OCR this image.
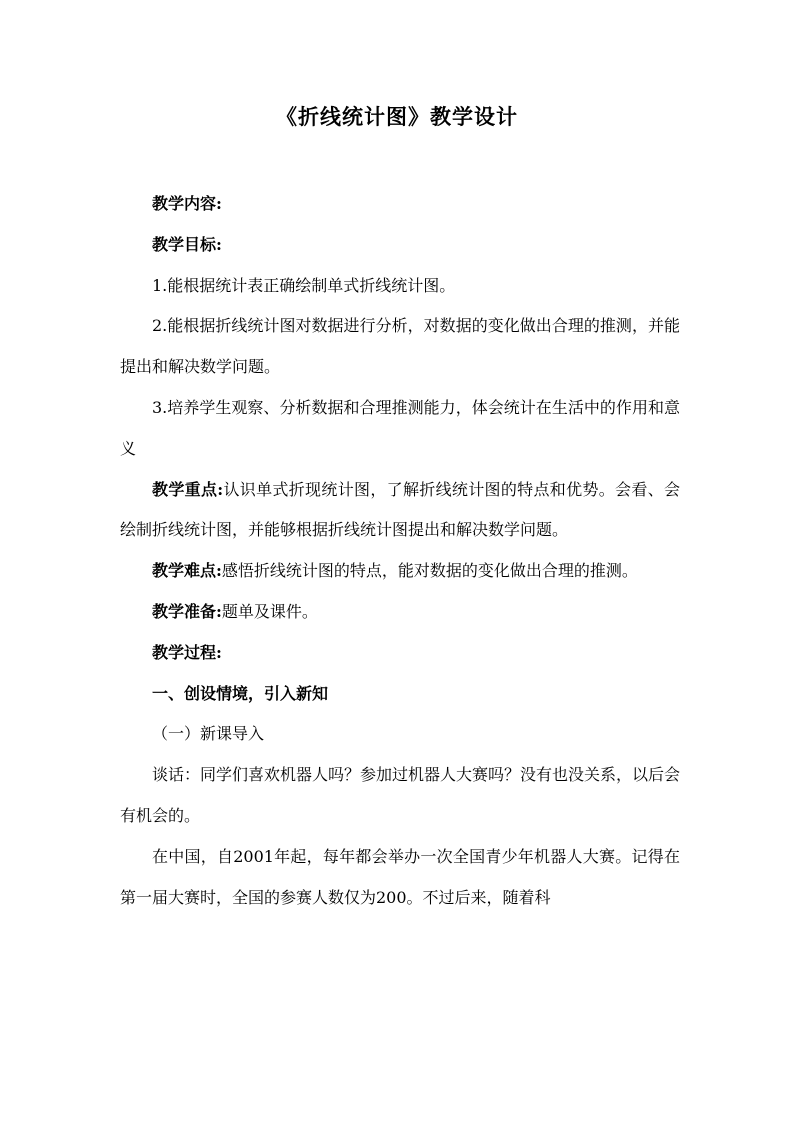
《折线统计图》教学设计

教学内容:

教学目标:

1.能根据统计表正确绘制单式折线统计图。

2.能根据折线统计图对数据进行分析，对数据的变化做出合理的推测，并能提出和解决数学问题。

3.培养学生观察、分析数据和合理推测能力，体会统计在生活中的作用和意义

教学重点:认识单式折现统计图，了解折线统计图的特点和优势。会看、会绘制折线统计图，并能够根据折线统计图提出和解决数学问题。

教学难点:感悟折线统计图的特点，能对数据的变化做出合理的推测。

教学准备:题单及课件。

教学过程:

一、创设情境，引入新知

（一）新课导入

谈话：同学们喜欢机器人吗？参加过机器人大赛吗？没有也没关系，以后会有机会的。

在中国，自2001年起，每年都会举办一次全国青少年机器人大赛。记得在第一届大赛时，全国的参赛人数仅为200。不过后来，随着科
